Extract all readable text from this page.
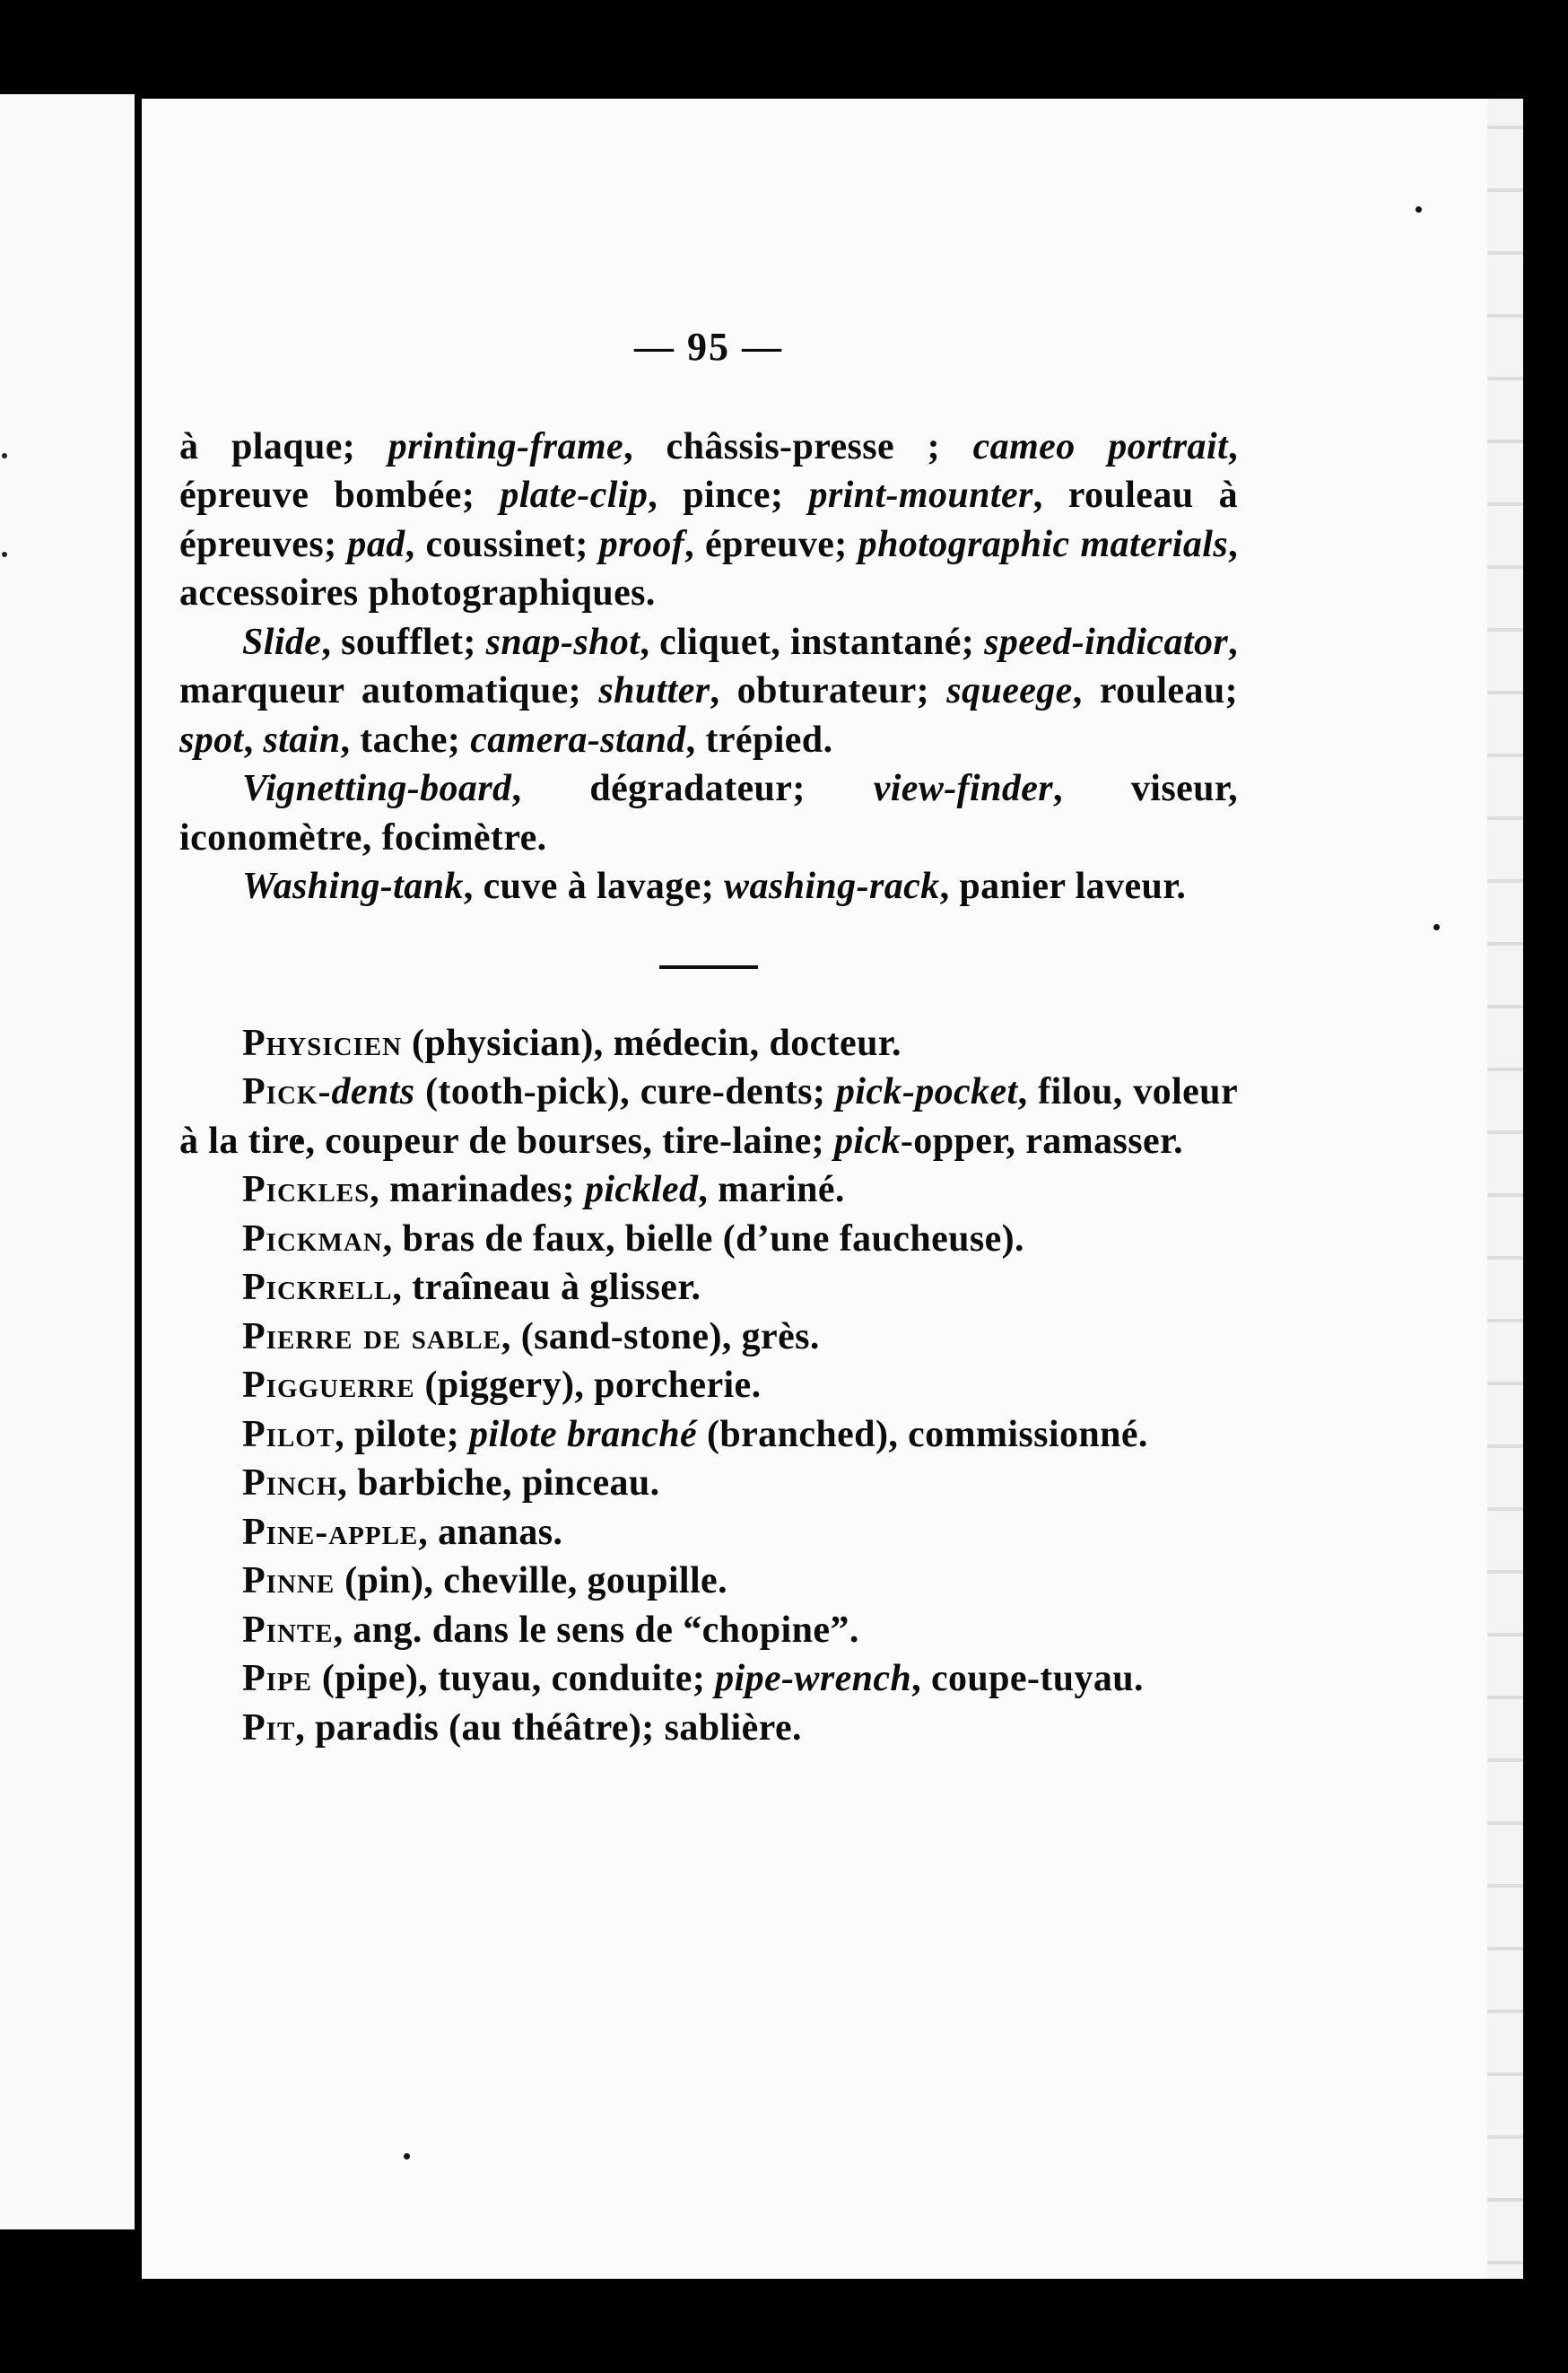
— 95 —

à plaque; printing-frame, châssis-presse ; cameo portrait, épreuve bombée; plate-clip, pince; print-mounter, rouleau à épreuves; pad, coussinet; proof, épreuve; photographic materials, accessoires photographiques.

Slide, soufflet; snap-shot, cliquet, instantané; speed-indicator, marqueur automatique; shutter, obturateur; squeege, rouleau; spot, stain, tache; camera-stand, trépied.

Vignetting-board, dégradateur; view-finder, viseur, iconomètre, focimètre.

Washing-tank, cuve à lavage; washing-rack, panier laveur.

Physicien (physician), médecin, docteur.

Pick-dents (tooth-pick), cure-dents; pick-pocket, filou, voleur à la tire, coupeur de bourses, tire-laine; pick-opper, ramasser.

Pickles, marinades; pickled, mariné.

Pickman, bras de faux, bielle (d’une faucheuse).

Pickrell, traîneau à glisser.

Pierre de sable, (sand-stone), grès.

Pigguerre (piggery), porcherie.

Pilot, pilote; pilote branché (branched), commissionné.

Pinch, barbiche, pinceau.

Pine-apple, ananas.

Pinne (pin), cheville, goupille.

Pinte, ang. dans le sens de “chopine”.

Pipe (pipe), tuyau, conduite; pipe-wrench, coupe-tuyau.

Pit, paradis (au théâtre); sablière.
